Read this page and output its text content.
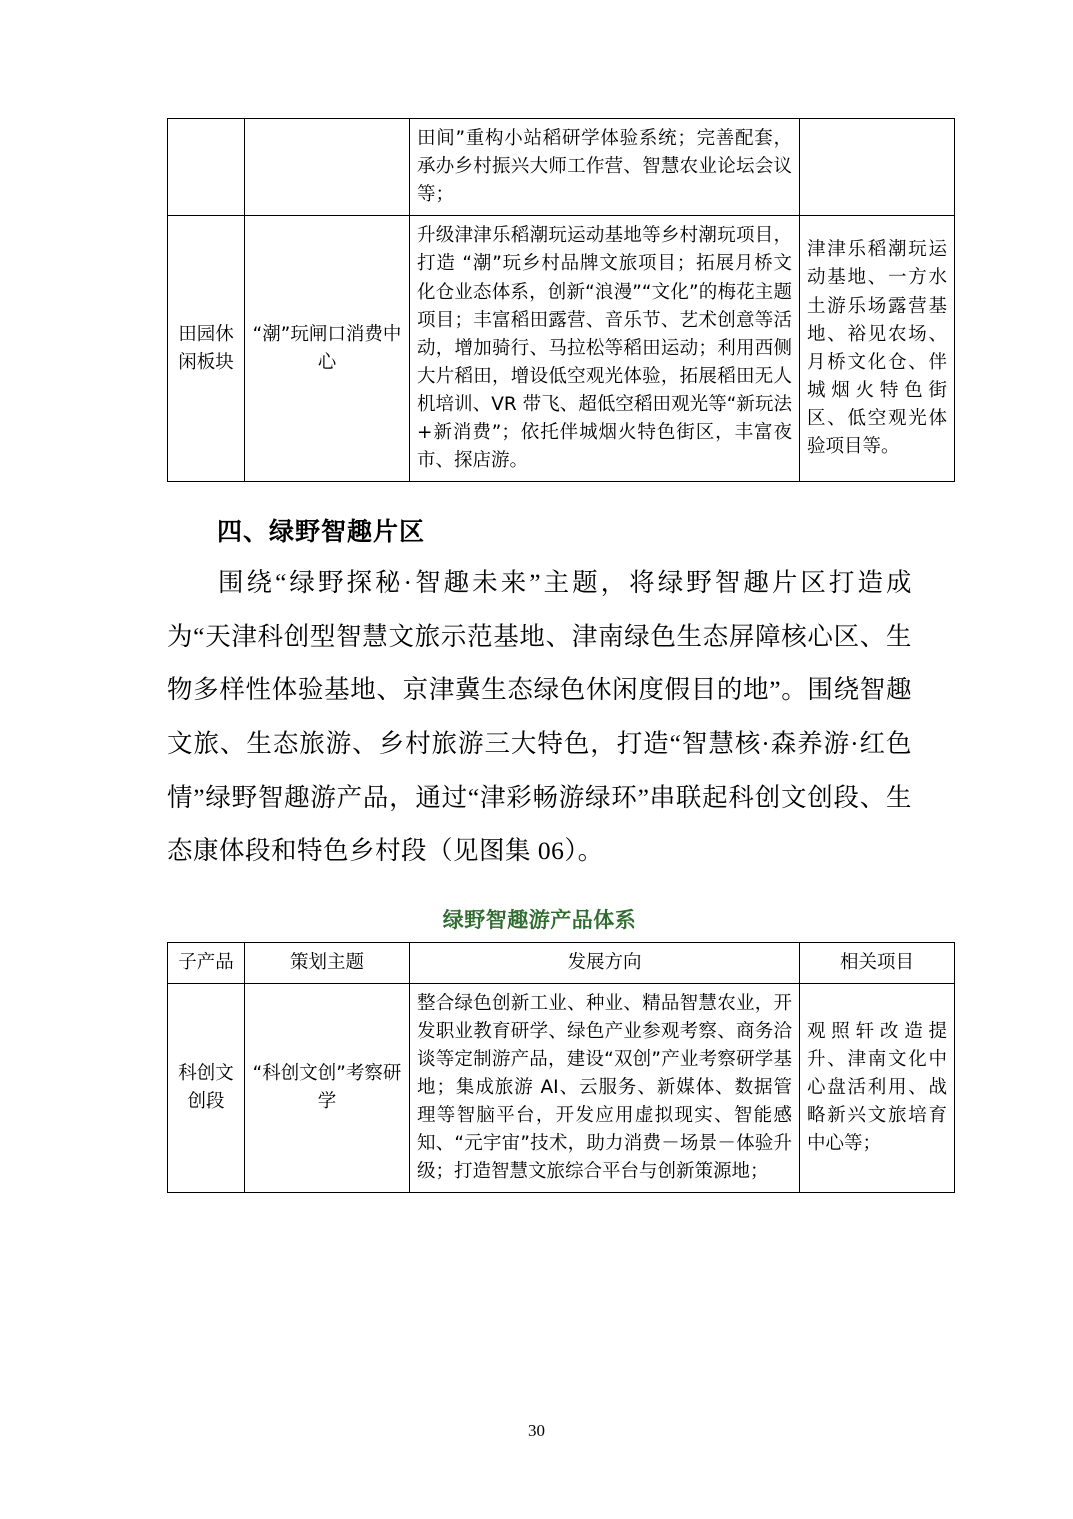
		田间”重构小站稻研学体验系统；完善配套，承办乡村振兴大师工作营、智慧农业论坛会议等；	
田园休闲板块	“潮”玩闸口消费中心	升级津津乐稻潮玩运动基地等乡村潮玩项目，打造 “潮”玩乡村品牌文旅项目；拓展月桥文化仓业态体系，创新“浪漫”“文化”的梅花主题项目；丰富稻田露营、音乐节、艺术创意等活动，增加骑行、马拉松等稻田运动；利用西侧大片稻田，增设低空观光体验，拓展稻田无人机培训、VR 带飞、超低空稻田观光等“新玩法+新消费”；依托伴城烟火特色街区，丰富夜市、探店游。	津津乐稻潮玩运动基地、一方水土游乐场露营基地、裕见农场、月桥文化仓、伴城烟火特色街区、低空观光体验项目等。
四、绿野智趣片区

围绕“绿野探秘·智趣未来”主题，将绿野智趣片区打造成为“天津科创型智慧文旅示范基地、津南绿色生态屏障核心区、生物多样性体验基地、京津冀生态绿色休闲度假目的地”。围绕智趣文旅、生态旅游、乡村旅游三大特色，打造“智慧核·森养游·红色情”绿野智趣游产品，通过“津彩畅游绿环”串联起科创文创段、生态康体段和特色乡村段（见图集 06）。

绿野智趣游产品体系
子产品	策划主题	发展方向	相关项目
科创文创段	“科创文创”考察研学	整合绿色创新工业、种业、精品智慧农业，开发职业教育研学、绿色产业参观考察、商务洽谈等定制游产品，建设“双创”产业考察研学基地；集成旅游 AI、云服务、新媒体、数据管理等智脑平台，开发应用虚拟现实、智能感知、“元宇宙”技术，助力消费－场景－体验升级；打造智慧文旅综合平台与创新策源地；	观照轩改造提升、津南文化中心盘活利用、战略新兴文旅培育中心等；
30
